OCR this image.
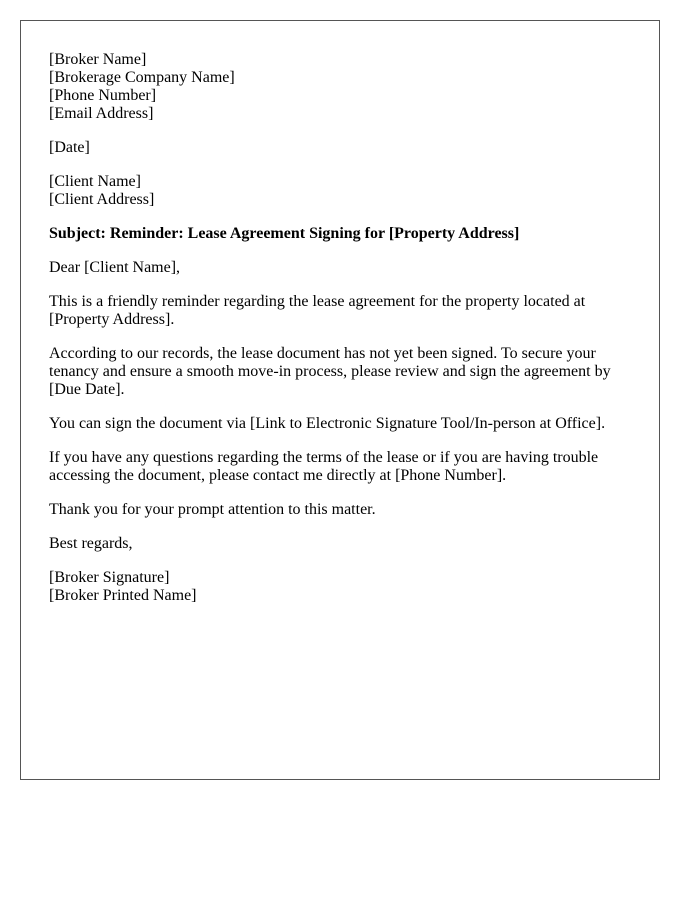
[Broker Name]
[Brokerage Company Name]
[Phone Number]
[Email Address]
[Date]
[Client Name]
[Client Address]

Subject: Reminder: Lease Agreement Signing for [Property Address]

Dear [Client Name],

This is a friendly reminder regarding the lease agreement for the property located at [Property Address].

According to our records, the lease document has not yet been signed. To secure your tenancy and ensure a smooth move-in process, please review and sign the agreement by [Due Date].

You can sign the document via [Link to Electronic Signature Tool/In-person at Office].

If you have any questions regarding the terms of the lease or if you are having trouble accessing the document, please contact me directly at [Phone Number].

Thank you for your prompt attention to this matter.

Best regards,

[Broker Signature]
[Broker Printed Name]
